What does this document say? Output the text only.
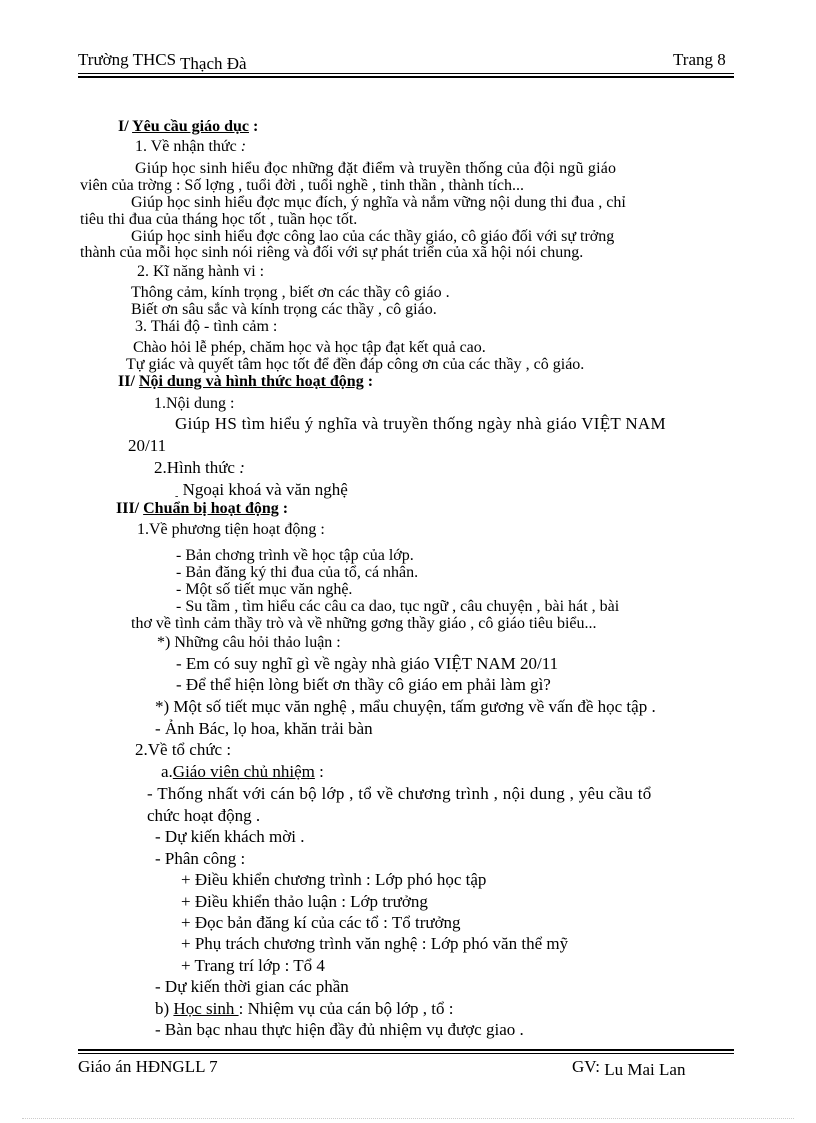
Trường THCS Thạch Đà	Trang 8
I/ Yêu cầu giáo dục :
1. Về nhận thức :
Giúp học sinh hiểu đọc những đặt điểm và truyền thống của đội ngũ giáo
viên của trờng : Số lợng , tuổi đời , tuổi nghề , tinh thần , thành tích...
Giúp học sinh hiểu đợc mục đích, ý nghĩa và nắm vững nội dung thi đua , chỉ
tiêu thi đua của tháng học tốt , tuần học tốt.
Giúp học sinh hiểu đợc công lao của các thầy giáo, cô giáo đối với sự trởng
thành của mỗi học sinh nói riêng và đối với sự phát triển của xã hội nói chung.
2. Kĩ năng hành vi :
Thông cảm, kính trọng , biết ơn các thầy cô giáo .
Biết ơn sâu sắc và kính trọng các thầy , cô giáo.
3. Thái độ - tình cảm :
Chào hỏi lễ phép, chăm học và học tập đạt kết quả cao.
Tự giác và quyết tâm học tốt để đền đáp công ơn của các thầy , cô giáo.
II/ Nội dung và hình thức hoạt động :
1.Nội dung :
Giúp HS tìm hiểu ý nghĩa và truyền thống ngày nhà giáo VIỆT NAM
20/11
2.Hình thức :
$_-$ Ngoại khoá và văn nghệ
III/ Chuẩn bị hoạt động :
1.Về phương tiện hoạt động :
- Bản chơng trình về học tập của lớp.
- Bản đăng ký thi đua của tổ, cá nhân.
- Một số tiết mục văn nghệ.
- Su tầm , tìm hiểu các câu ca dao, tục ngữ , câu chuyện , bài hát , bài
thơ về tình cảm thầy trò và về những gơng thầy giáo , cô giáo tiêu biểu...
*) Những câu hỏi thảo luận :
- Em có suy nghĩ gì về ngày nhà giáo VIỆT NAM 20/11
- Để thể hiện lòng biết ơn thầy cô giáo em phải làm gì?
*) Một số tiết mục văn nghệ , mẩu chuyện, tấm gương về vấn đề học tập .
- Ảnh Bác, lọ hoa, khăn trải bàn
2.Về tổ chức :
a.Giáo viên chủ nhiệm :
- Thống nhất với cán bộ lớp , tổ về chương trình , nội dung , yêu cầu tổ
chức hoạt động .
- Dự kiến khách mời .
- Phân công :
+ Điều khiển chương trình : Lớp phó học tập
+ Điều khiển thảo luận : Lớp trưởng
+ Đọc bản đăng kí của các tổ : Tổ trưởng
+ Phụ trách chương trình văn nghệ : Lớp phó văn thể mỹ
+ Trang trí lớp : Tổ 4
- Dự kiến thời gian các phần
b) Học sinh : Nhiệm vụ của cán bộ lớp , tổ :
- Bàn bạc nhau thực hiện đầy đủ nhiệm vụ được giao .
Giáo án HĐNGLL 7	GV: Lu Mai Lan
